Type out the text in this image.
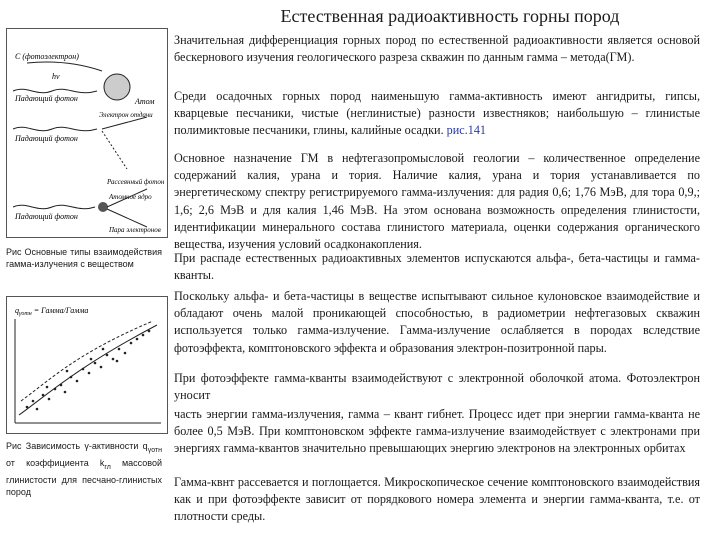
Естественная радиоактивность горны пород
C (фотоэлектрон)
hν
Падающий фотон	Атом
Электрон отдачи
Падающий фотон
Рассеянный фотон
Падающий фотон
Атомное ядро
Пара электронов
Рис Основные типы взаимодействия гамма-излучения с веществом
$q_{\gamma отн}$ = Гамма/Гамма
Рис Зависимость γ-активности $q_{\gamma отн}$ от коэффициента $k_{гл}$ массовой глинистости для песчано-глинистых пород

Значительная дифференциация горных пород по естественной радиоактивности является основой бескернового изучения геологического разреза скважин по данным гамма – метода(ГМ).

Среди осадочных горных пород наименьшую гамма-активность имеют ангидриты, гипсы, кварцевые песчаники, чистые (неглинистые) разности известняков; наибольшую – глинистые полимиктовые песчаники, глины, калийные осадки. рис.141

Основное назначение ГМ в нефтегазопромысловой геологии – количественное определение содержаний калия, урана и тория. Наличие калия, урана и тория устанавливается по энергетическому спектру регистрируемого гамма-излучения: для радия 0,6; 1,76 МэВ, для тора 0,9,; 1,6; 2,6 МэВ и для калия 1,46 МэВ. На этом основана возможность определения глинистости, идентификации минерального состава глинистого материала, оценки содержания органического вещества, изучения условий осадконакопления.

При распаде естественных радиоактивных элементов испускаются альфа-, бета-частицы и гамма-кванты.

Поскольку альфа- и бета-частицы в веществе испытывают сильное кулоновское взаимодействие и обладают очень малой проникающей способностью, в радиометрии нефтегазовых скважин используется только гамма-излучение. Гамма-излучение ослабляется в породах вследствие фотоэффекта, комптоновского эффекта и образования электрон-позитронной пары.

При фотоэффекте гамма-кванты взаимодействуют с электронной оболочкой атома. Фотоэлектрон уносит

часть энергии гамма-излучения, гамма – квант гибнет. Процесс идет при энергии гамма-кванта не более 0,5 МэВ. При комптоновском эффекте гамма-излучение взаимодействует с электронами при энергиях гамма-квантов значительно превышающих энергию электронов на электронных орбитах

Гамма-квнт рассевается и поглощается. Микроскопическое сечение комптоновского взаимодействия как и при фотоэффекте зависит от порядкового номера элемента и энергии гамма-кванта, т.е. от плотности среды.
